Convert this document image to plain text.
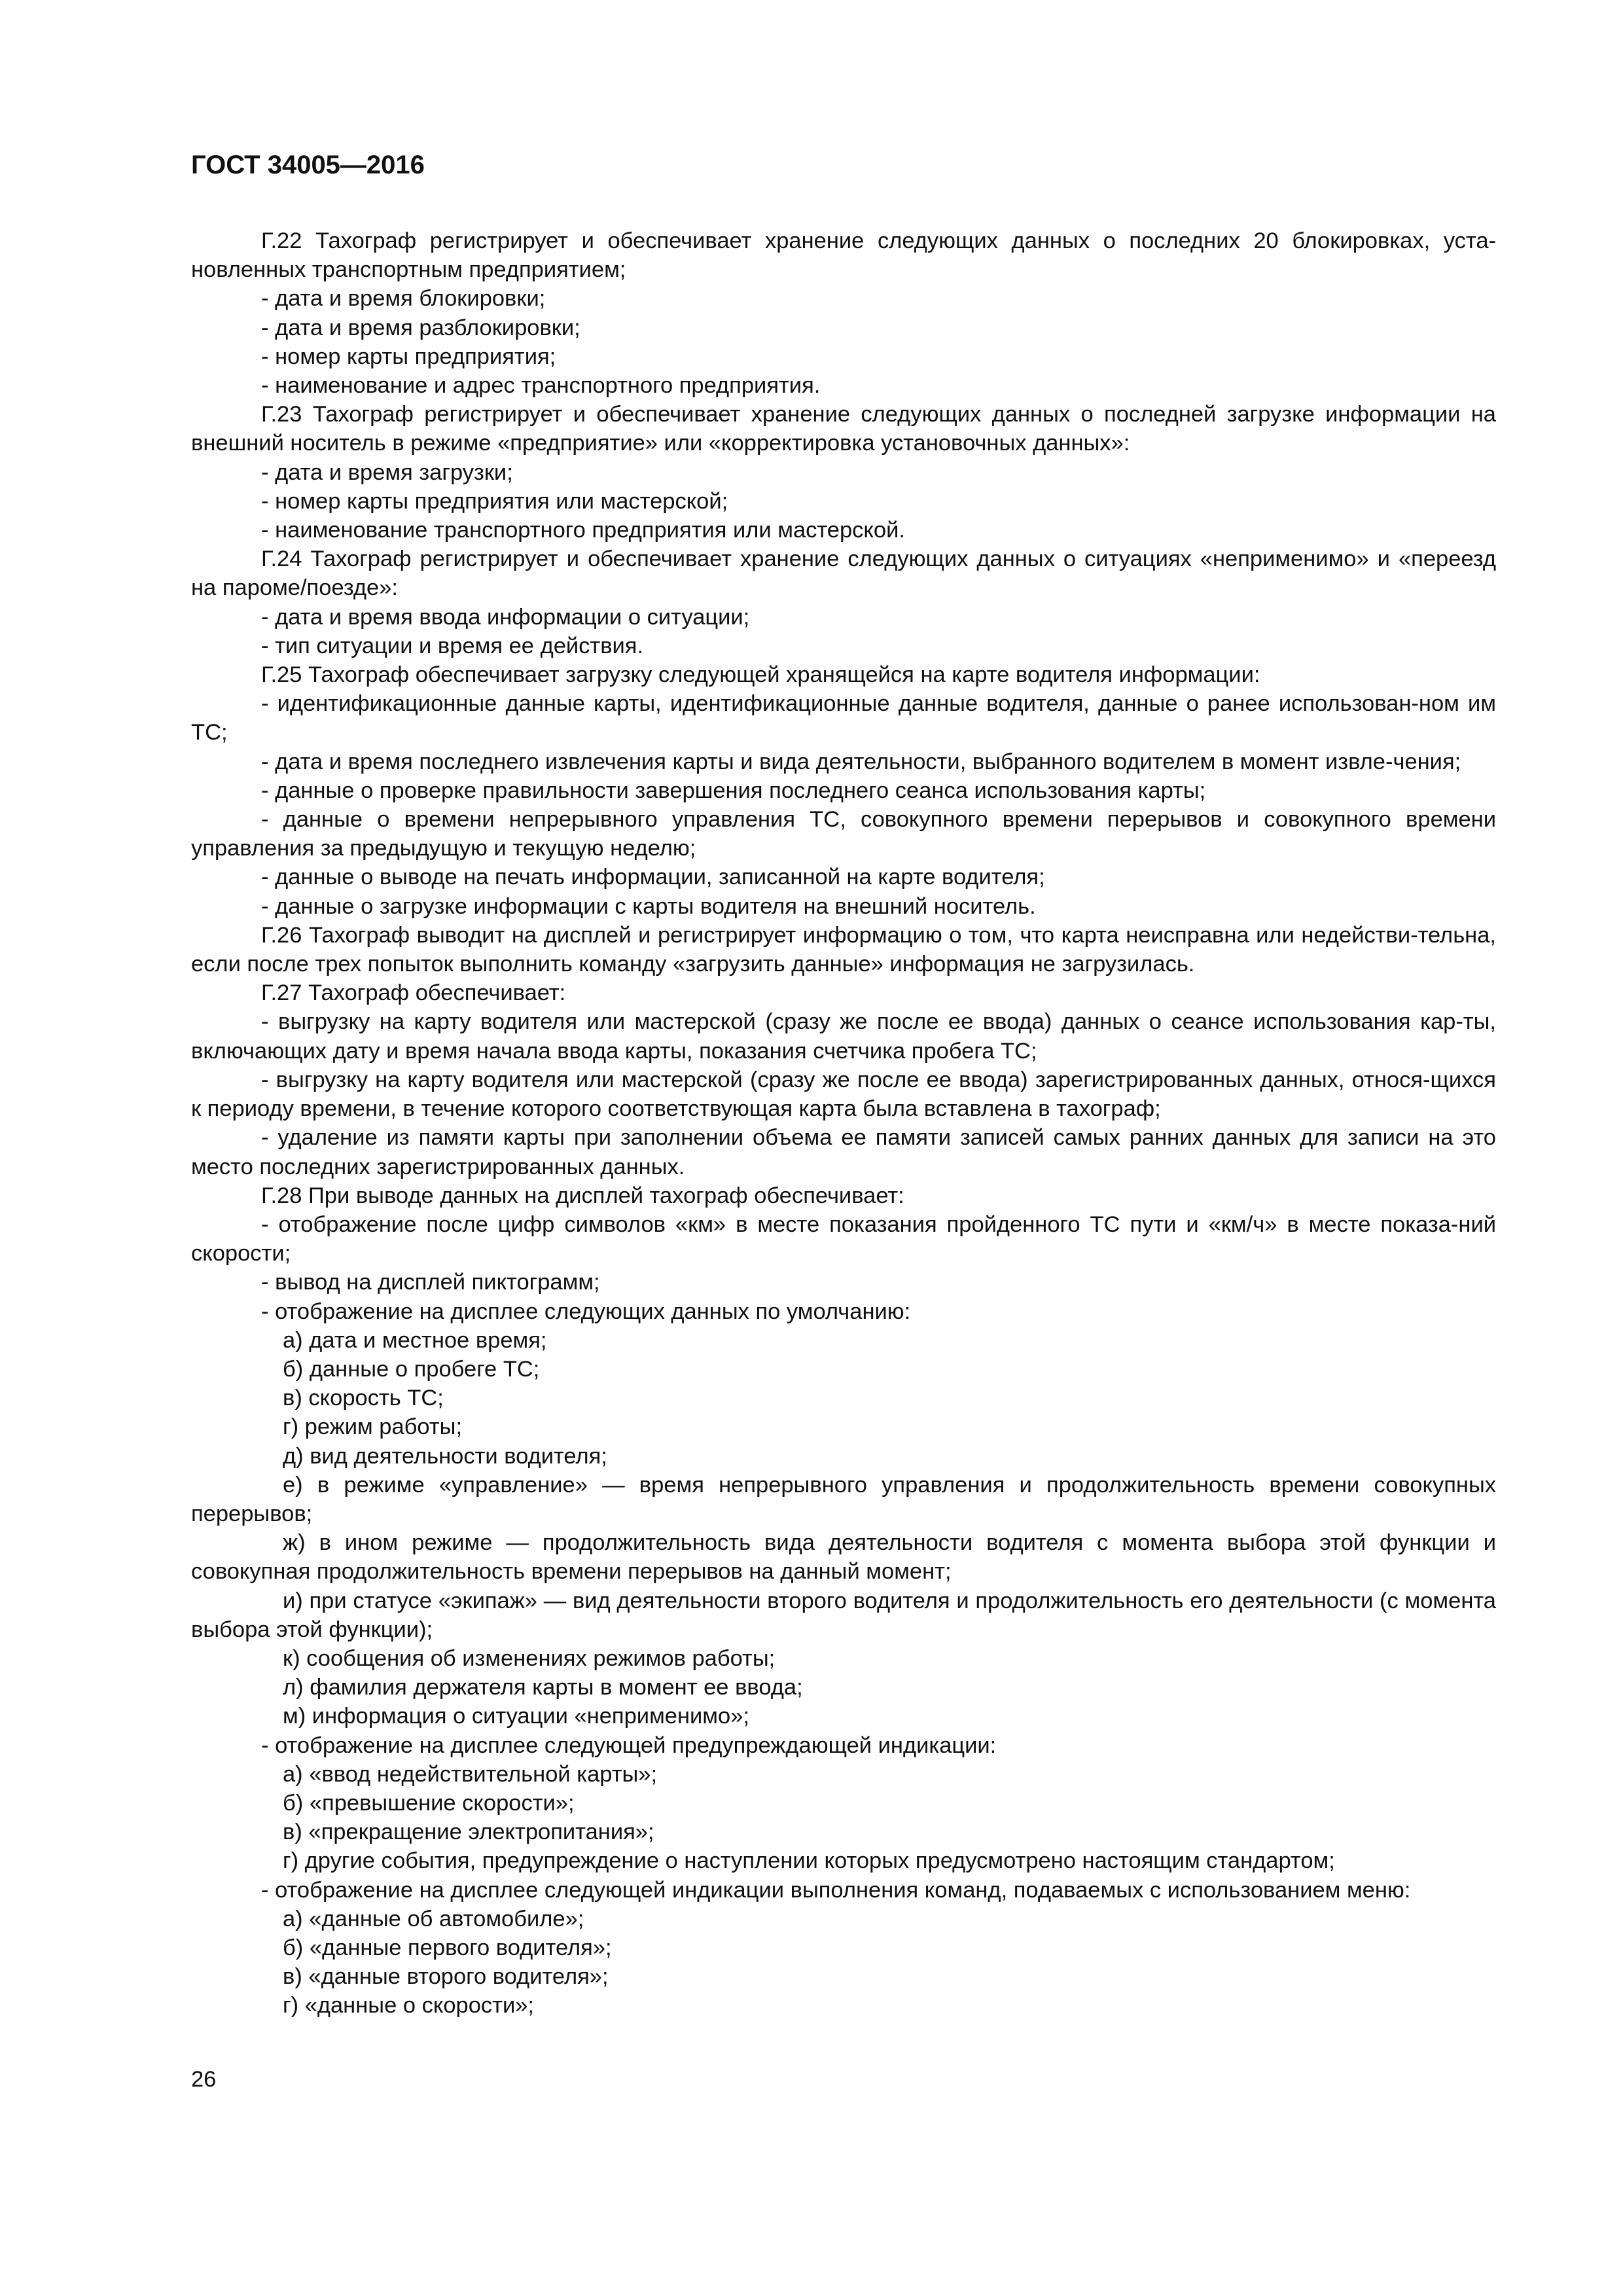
ГОСТ 34005—2016

Г.22 Тахограф регистрирует и обеспечивает хранение следующих данных о последних 20 блокировках, уста-новленных транспортным предприятием;

- дата и время блокировки;

- дата и время разблокировки;

- номер карты предприятия;

- наименование и адрес транспортного предприятия.

Г.23 Тахограф регистрирует и обеспечивает хранение следующих данных о последней загрузке информации на внешний носитель в режиме «предприятие» или «корректировка установочных данных»:

- дата и время загрузки;

- номер карты предприятия или мастерской;

- наименование транспортного предприятия или мастерской.

Г.24 Тахограф регистрирует и обеспечивает хранение следующих данных о ситуациях «неприменимо» и «переезд на пароме/поезде»:

- дата и время ввода информации о ситуации;

- тип ситуации и время ее действия.

Г.25 Тахограф обеспечивает загрузку следующей хранящейся на карте водителя информации:

- идентификационные данные карты, идентификационные данные водителя, данные о ранее использован-ном им ТС;

- дата и время последнего извлечения карты и вида деятельности, выбранного водителем в момент извле-чения;

- данные о проверке правильности завершения последнего сеанса использования карты;

- данные о времени непрерывного управления ТС, совокупного времени перерывов и совокупного времени управления за предыдущую и текущую неделю;

- данные о выводе на печать информации, записанной на карте водителя;

- данные о загрузке информации с карты водителя на внешний носитель.

Г.26 Тахограф выводит на дисплей и регистрирует информацию о том, что карта неисправна или недействи-тельна, если после трех попыток выполнить команду «загрузить данные» информация не загрузилась.

Г.27 Тахограф обеспечивает:

- выгрузку на карту водителя или мастерской (сразу же после ее ввода) данных о сеансе использования кар-ты, включающих дату и время начала ввода карты, показания счетчика пробега ТС;

- выгрузку на карту водителя или мастерской (сразу же после ее ввода) зарегистрированных данных, относя-щихся к периоду времени, в течение которого соответствующая карта была вставлена в тахограф;

- удаление из памяти карты при заполнении объема ее памяти записей самых ранних данных для записи на это место последних зарегистрированных данных.

Г.28 При выводе данных на дисплей тахограф обеспечивает:

- отображение после цифр символов «км» в месте показания пройденного ТС пути и «км/ч» в месте показа-ний скорости;

- вывод на дисплей пиктограмм;

- отображение на дисплее следующих данных по умолчанию:

а) дата и местное время;

б) данные о пробеге ТС;

в) скорость ТС;

г) режим работы;

д) вид деятельности водителя;

е) в режиме «управление» — время непрерывного управления и продолжительность времени совокупных перерывов;

ж) в ином режиме — продолжительность вида деятельности водителя с момента выбора этой функции и совокупная продолжительность времени перерывов на данный момент;

и) при статусе «экипаж» — вид деятельности второго водителя и продолжительность его деятельности (с момента выбора этой функции);

к) сообщения об изменениях режимов работы;

л) фамилия держателя карты в момент ее ввода;

м) информация о ситуации «неприменимо»;

- отображение на дисплее следующей предупреждающей индикации:

а) «ввод недействительной карты»;

б) «превышение скорости»;

в) «прекращение электропитания»;

г) другие события, предупреждение о наступлении которых предусмотрено настоящим стандартом;

- отображение на дисплее следующей индикации выполнения команд, подаваемых с использованием меню:

а) «данные об автомобиле»;

б) «данные первого водителя»;

в) «данные второго водителя»;

г) «данные о скорости»;

26
